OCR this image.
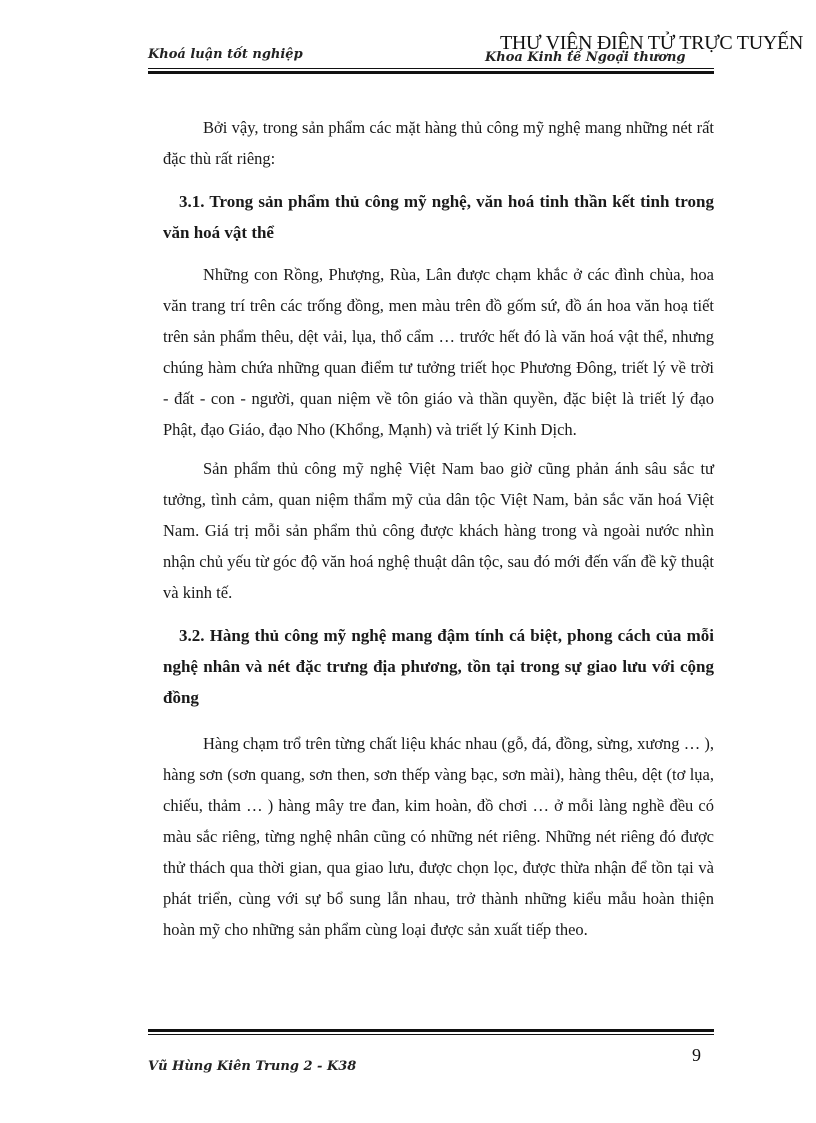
Khoá luận tốt nghiệp	Khoa Kinh tế Ngoại thương
THƯ VIỆN ĐIỆN TỬ TRỰC TUYẾN

Bởi vậy, trong sản phẩm các mặt hàng thủ công mỹ nghệ mang những nét rất đặc thù rất riêng:

3.1. Trong sản phẩm thủ công mỹ nghệ, văn hoá tinh thần kết tinh trong văn hoá vật thể

Những con Rồng, Phượng, Rùa, Lân được chạm khắc ở các đình chùa, hoa văn trang trí trên các trống đồng, men màu trên đồ gốm sứ, đồ án hoa văn hoạ tiết trên sản phẩm thêu, dệt vải, lụa, thổ cẩm … trước hết đó là văn hoá vật thể, nhưng chúng hàm chứa những quan điểm tư tưởng triết học Phương Đông, triết lý về trời - đất - con - người, quan niệm về tôn giáo và thần quyền, đặc biệt là triết lý đạo Phật, đạo Giáo, đạo Nho (Khổng, Mạnh) và triết lý Kinh Dịch.

Sản phẩm thủ công mỹ nghệ Việt Nam bao giờ cũng phản ánh sâu sắc tư tưởng, tình cảm, quan niệm thẩm mỹ của dân tộc Việt Nam, bản sắc văn hoá Việt Nam. Giá trị mỗi sản phẩm thủ công được khách hàng trong và ngoài nước nhìn nhận chủ yếu từ góc độ văn hoá nghệ thuật dân tộc, sau đó mới đến vấn đề kỹ thuật và kinh tế.

3.2. Hàng thủ công mỹ nghệ mang đậm tính cá biệt, phong cách của mỗi nghệ nhân và nét đặc trưng địa phương, tồn tại trong sự giao lưu với cộng đồng

Hàng chạm trổ trên từng chất liệu khác nhau (gỗ, đá, đồng, sừng, xương … ), hàng sơn (sơn quang, sơn then, sơn thếp vàng bạc, sơn mài), hàng thêu, dệt (tơ lụa, chiếu, thảm … ) hàng mây tre đan, kim hoàn, đồ chơi … ở mỗi làng nghề đều có màu sắc riêng, từng nghệ nhân cũng có những nét riêng. Những nét riêng đó được thử thách qua thời gian, qua giao lưu, được chọn lọc, được thừa nhận để tồn tại và phát triển, cùng với sự bổ sung lẫn nhau, trở thành những kiểu mẫu hoàn thiện hoàn mỹ cho những sản phẩm cùng loại được sản xuất tiếp theo.

9
Vũ Hùng Kiên Trung 2 - K38
